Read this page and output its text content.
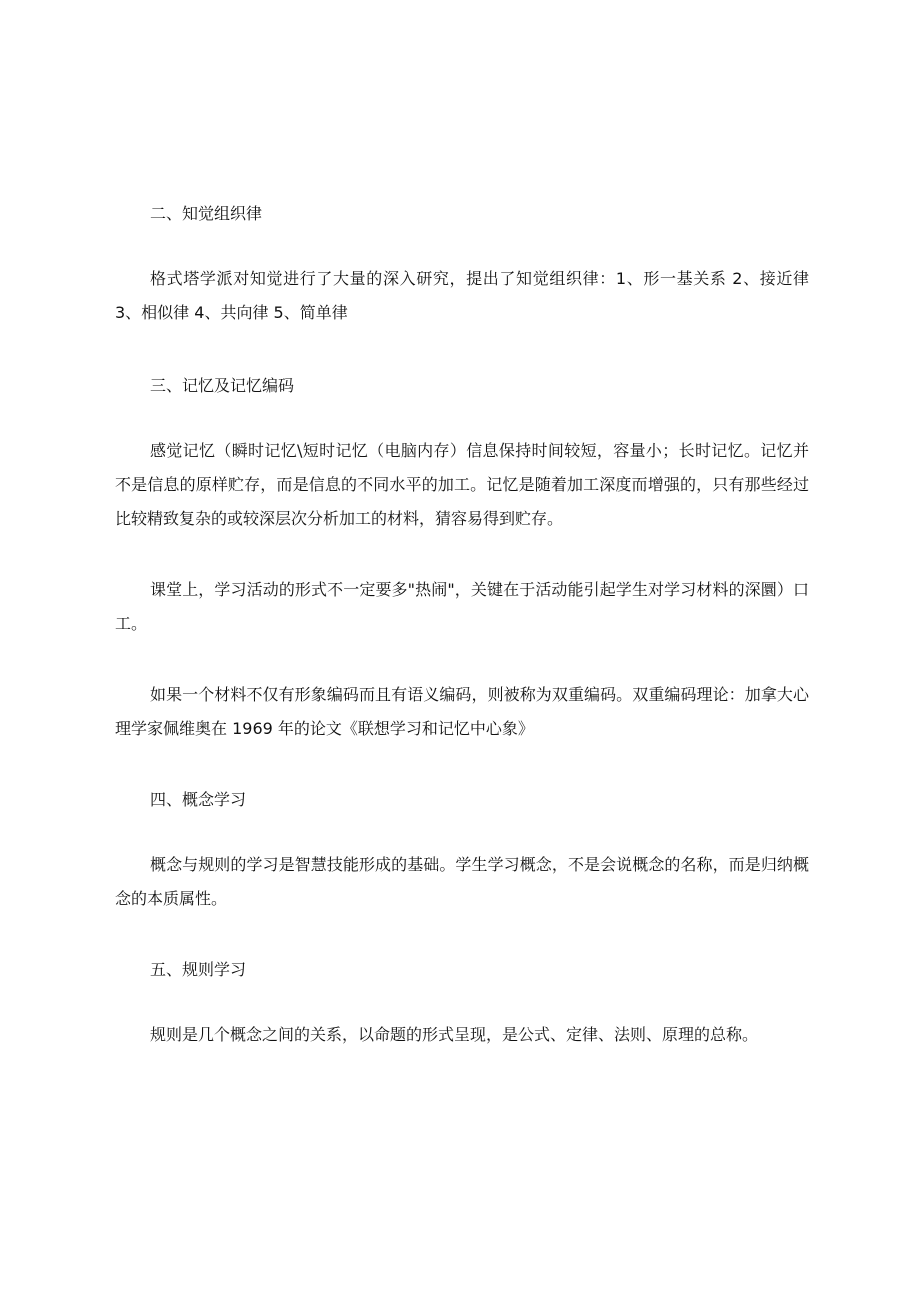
二、知觉组织律
格式塔学派对知觉进行了大量的深入研究，提出了知觉组织律：1、形一基关系 2、接近律 3、相似律 4、共向律 5、简单律
三、记忆及记忆编码
感觉记忆（瞬时记忆\短时记忆（电脑内存）信息保持时间较短，容量小；长时记忆。记忆并不是信息的原样贮存，而是信息的不同水平的加工。记忆是随着加工深度而增强的，只有那些经过比较精致复杂的或较深层次分析加工的材料，猜容易得到贮存。
课堂上，学习活动的形式不一定要多"热闹"，关键在于活动能引起学生对学习材料的深圜）口工。
如果一个材料不仅有形象编码而且有语义编码，则被称为双重编码。双重编码理论：加拿大心理学家佩维奥在 1969 年的论文《联想学习和记忆中心象》
四、概念学习
概念与规则的学习是智慧技能形成的基础。学生学习概念，不是会说概念的名称，而是归纳概念的本质属性。
五、规则学习
规则是几个概念之间的关系，以命题的形式呈现，是公式、定律、法则、原理的总称。
